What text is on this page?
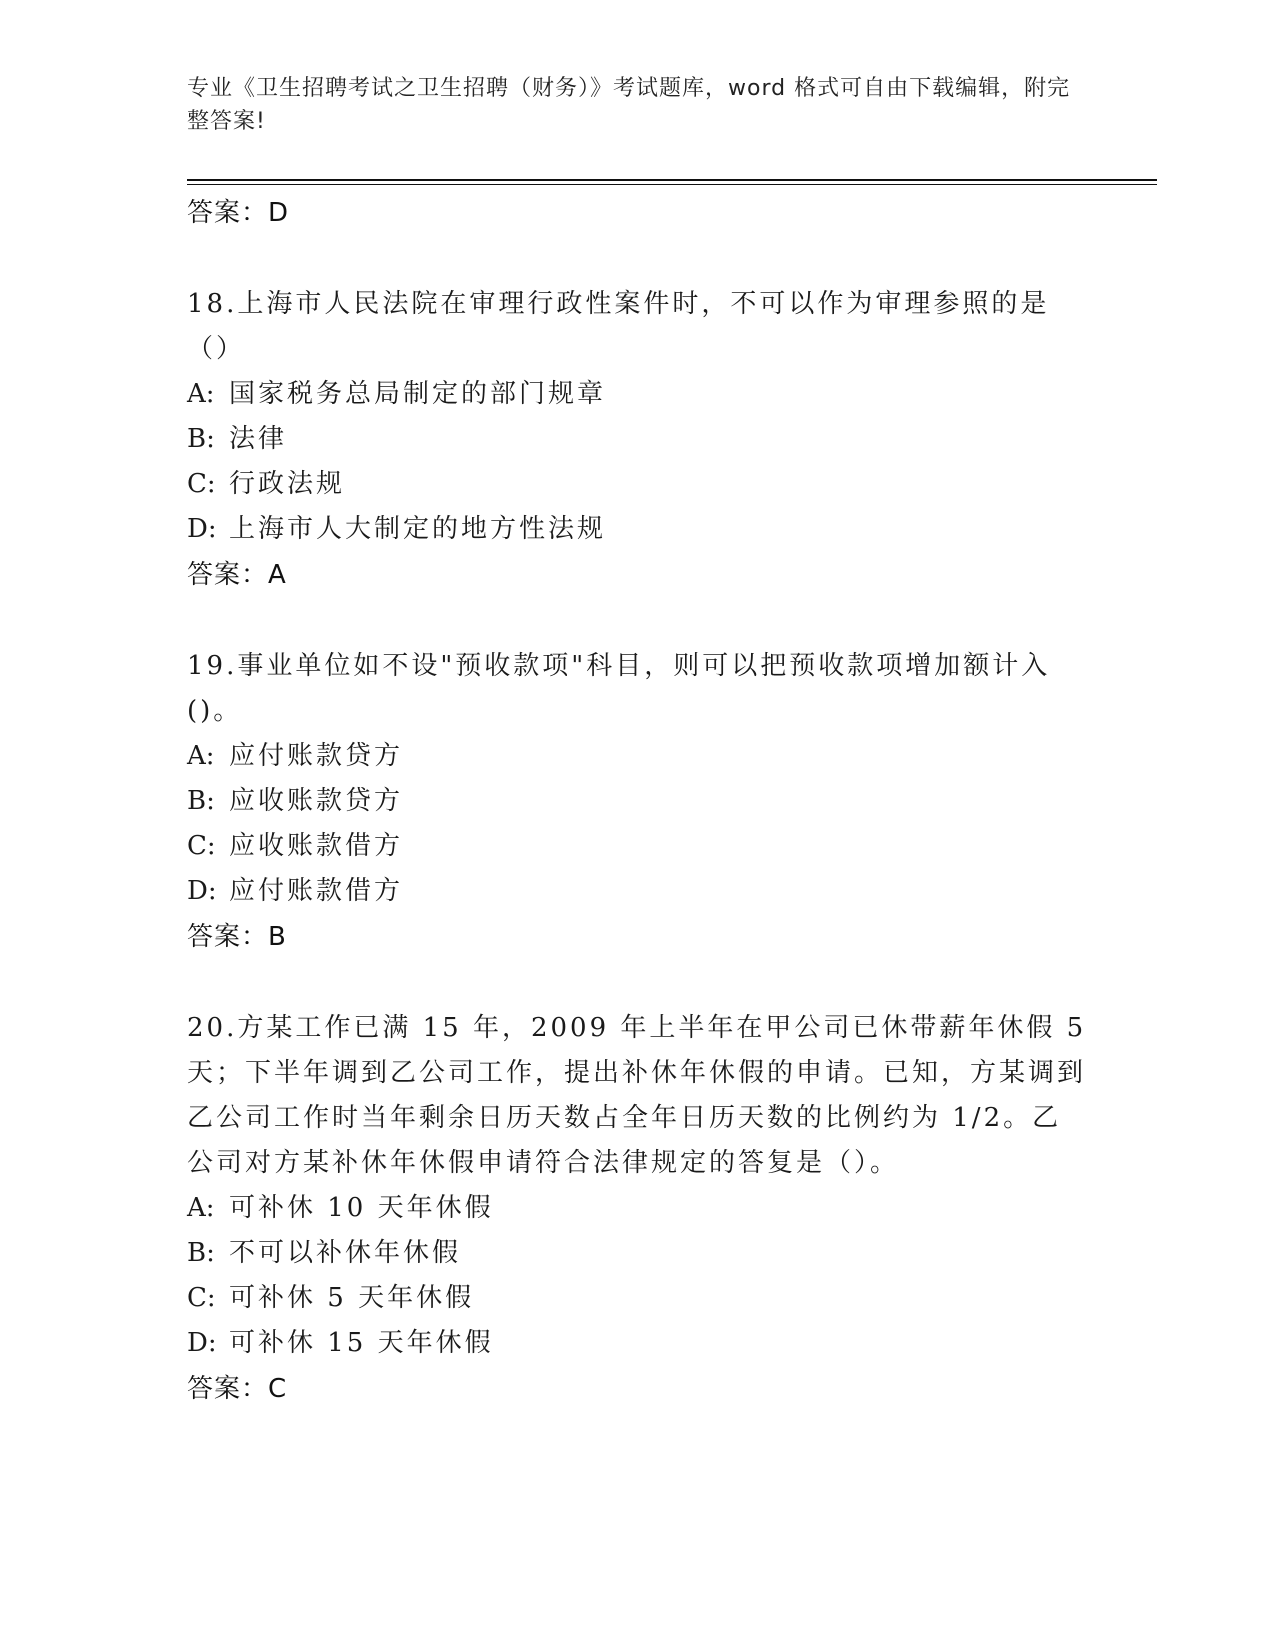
专业《卫生招聘考试之卫生招聘（财务）》考试题库，word 格式可自由下载编辑，附完整答案!
答案：D
18.上海市人民法院在审理行政性案件时，不可以作为审理参照的是（）
A: 国家税务总局制定的部门规章
B: 法律
C: 行政法规
D: 上海市人大制定的地方性法规
答案：A
19.事业单位如不设"预收款项"科目，则可以把预收款项增加额计入()。
A: 应付账款贷方
B: 应收账款贷方
C: 应收账款借方
D: 应付账款借方
答案：B
20.方某工作已满 15 年，2009 年上半年在甲公司已休带薪年休假 5 天；下半年调到乙公司工作，提出补休年休假的申请。已知，方某调到乙公司工作时当年剩余日历天数占全年日历天数的比例约为 1/2。乙公司对方某补休年休假申请符合法律规定的答复是（）。
A: 可补休 10 天年休假
B: 不可以补休年休假
C: 可补休 5 天年休假
D: 可补休 15 天年休假
答案：C
